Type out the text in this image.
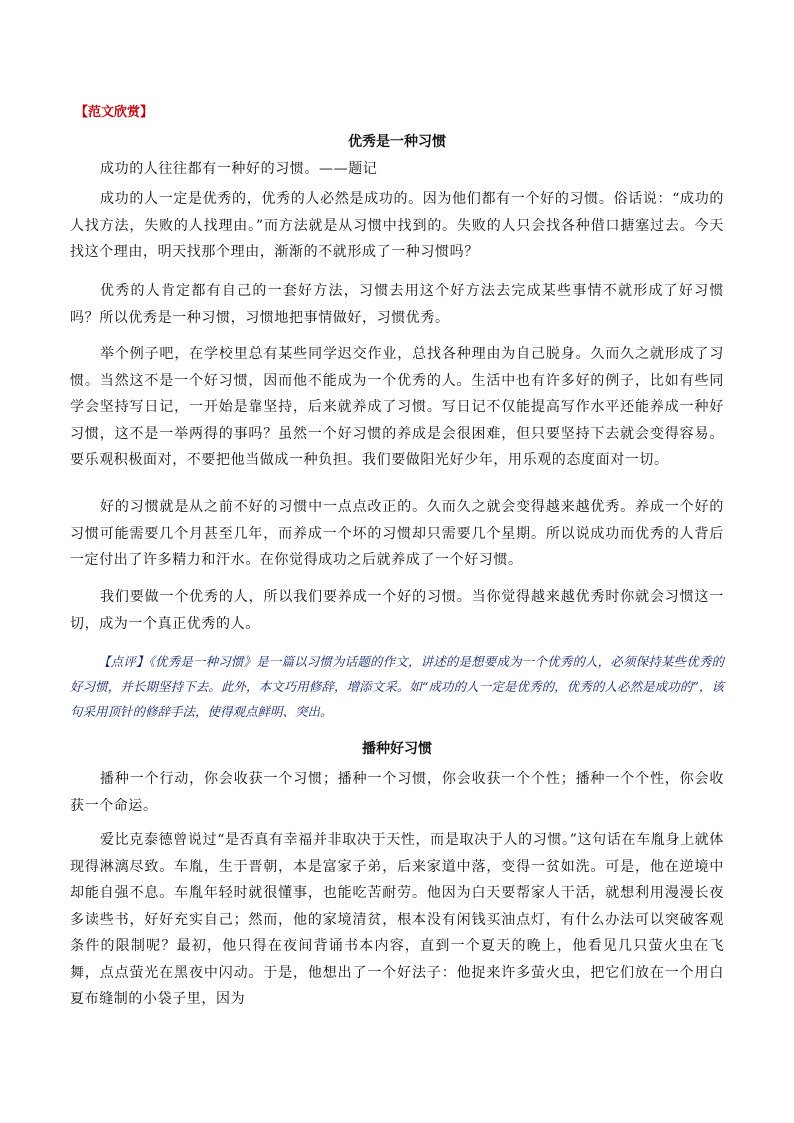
【范文欣赏】
优秀是一种习惯

成功的人往往都有一种好的习惯。——题记

成功的人一定是优秀的，优秀的人必然是成功的。因为他们都有一个好的习惯。俗话说：“成功的人找方法，失败的人找理由。”而方法就是从习惯中找到的。失败的人只会找各种借口搪塞过去。今天找这个理由，明天找那个理由，渐渐的不就形成了一种习惯吗？

优秀的人肯定都有自己的一套好方法，习惯去用这个好方法去完成某些事情不就形成了好习惯吗？所以优秀是一种习惯，习惯地把事情做好，习惯优秀。

举个例子吧，在学校里总有某些同学迟交作业，总找各种理由为自己脱身。久而久之就形成了习惯。当然这不是一个好习惯，因而他不能成为一个优秀的人。生活中也有许多好的例子，比如有些同学会坚持写日记，一开始是靠坚持，后来就养成了习惯。写日记不仅能提高写作水平还能养成一种好习惯，这不是一举两得的事吗？虽然一个好习惯的养成是会很困难，但只要坚持下去就会变得容易。要乐观积极面对，不要把他当做成一种负担。我们要做阳光好少年，用乐观的态度面对一切。

好的习惯就是从之前不好的习惯中一点点改正的。久而久之就会变得越来越优秀。养成一个好的习惯可能需要几个月甚至几年，而养成一个坏的习惯却只需要几个星期。所以说成功而优秀的人背后一定付出了许多精力和汗水。在你觉得成功之后就养成了一个好习惯。

我们要做一个优秀的人，所以我们要养成一个好的习惯。当你觉得越来越优秀时你就会习惯这一切，成为一个真正优秀的人。

【点评】《优秀是一种习惯》是一篇以习惯为话题的作文，讲述的是想要成为一个优秀的人，必须保持某些优秀的好习惯，并长期坚持下去。此外，本文巧用修辞，增添文采。如“成功的人一定是优秀的，优秀的人必然是成功的”，该句采用顶针的修辞手法，使得观点鲜明、突出。

播种好习惯

播种一个行动，你会收获一个习惯；播种一个习惯，你会收获一个个性；播种一个个性，你会收获一个命运。

爱比克泰德曾说过“是否真有幸福并非取决于天性，而是取决于人的习惯。”这句话在车胤身上就体现得淋漓尽致。车胤，生于晋朝，本是富家子弟，后来家道中落，变得一贫如洗。可是，他在逆境中却能自强不息。车胤年轻时就很懂事，也能吃苦耐劳。他因为白天要帮家人干活，就想利用漫漫长夜多读些书，好好充实自己；然而，他的家境清贫，根本没有闲钱买油点灯，有什么办法可以突破客观条件的限制呢？最初，他只得在夜间背诵书本内容，直到一个夏天的晚上，他看见几只萤火虫在飞舞，点点萤光在黑夜中闪动。于是，他想出了一个好法子：他捉来许多萤火虫，把它们放在一个用白夏布缝制的小袋子里，因为
